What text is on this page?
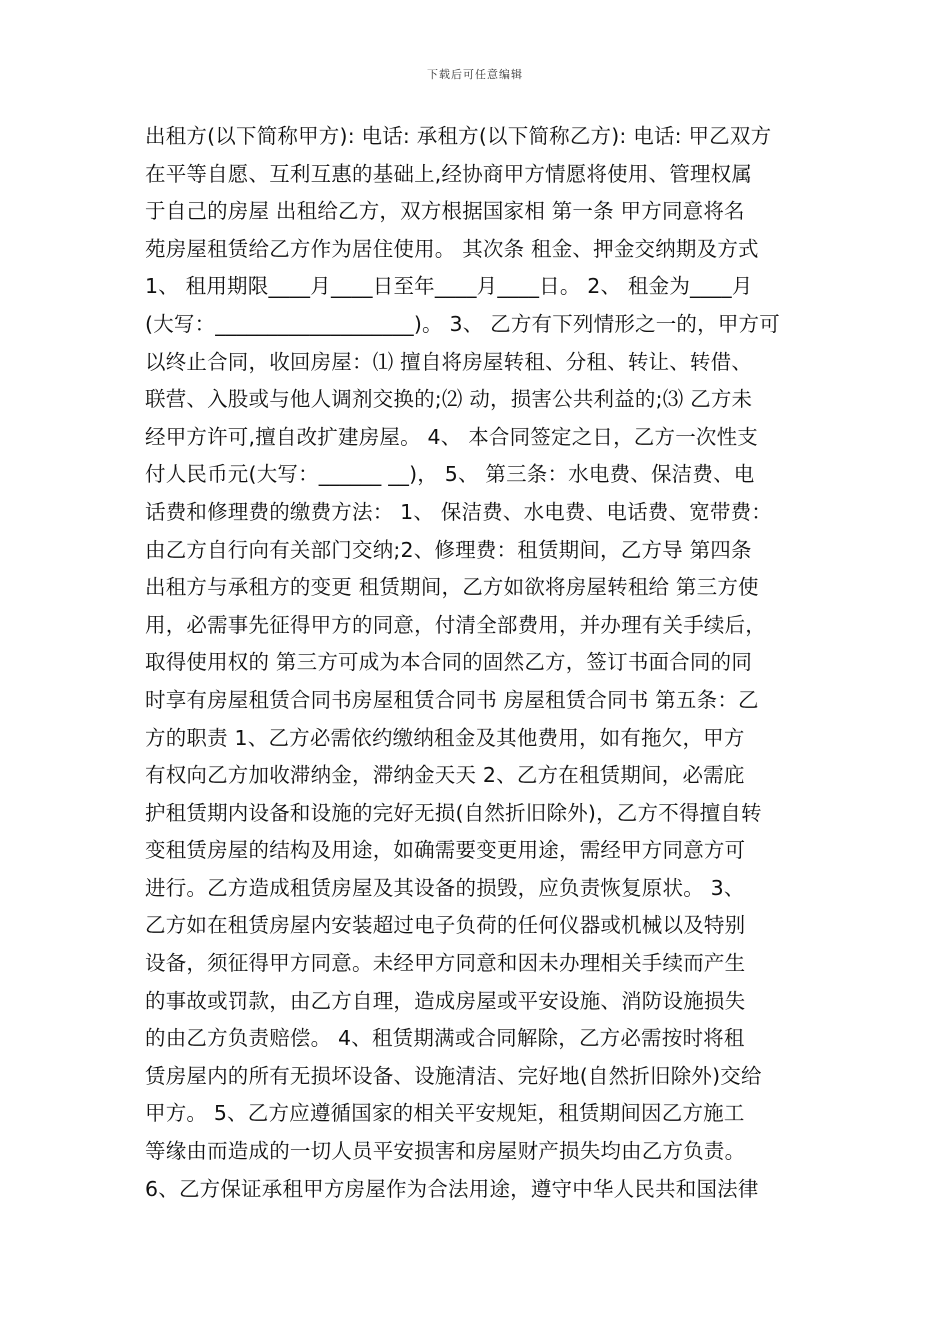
下载后可任意编辑
出租方(以下简称甲方): 电话: 承租方(以下简称乙方): 电话: 甲乙双方
在平等自愿、互利互惠的基础上,经协商甲方情愿将使用、管理权属
于自己的房屋 出租给乙方，双方根据国家相 第一条 甲方同意将名
苑房屋租赁给乙方作为居住使用。 其次条 租金、押金交纳期及方式
1、 租用期限____月____日至年____月____日。 2、 租金为____月
(大写：___________________)。 3、 乙方有下列情形之一的，甲方可
以终止合同，收回房屋：⑴ 擅自将房屋转租、分租、转让、转借、
联营、入股或与他人调剂交换的;⑵ 动，损害公共利益的;⑶ 乙方未
经甲方许可,擅自改扩建房屋。 4、 本合同签定之日，乙方一次性支
付人民币元(大写：______ __)， 5、 第三条：水电费、保洁费、电
话费和修理费的缴费方法： 1、 保洁费、水电费、电话费、宽带费：
由乙方自行向有关部门交纳;2、修理费：租赁期间，乙方导 第四条
出租方与承租方的变更 租赁期间，乙方如欲将房屋转租给 第三方使
用，必需事先征得甲方的同意，付清全部费用，并办理有关手续后，
取得使用权的 第三方可成为本合同的固然乙方，签订书面合同的同
时享有房屋租赁合同书房屋租赁合同书 房屋租赁合同书 第五条：乙
方的职责 1、乙方必需依约缴纳租金及其他费用，如有拖欠，甲方
有权向乙方加收滞纳金，滞纳金天天 2、乙方在租赁期间，必需庇
护租赁期内设备和设施的完好无损(自然折旧除外)，乙方不得擅自转
变租赁房屋的结构及用途，如确需要变更用途，需经甲方同意方可
进行。乙方造成租赁房屋及其设备的损毁，应负责恢复原状。 3、
乙方如在租赁房屋内安装超过电子负荷的任何仪器或机械以及特别
设备，须征得甲方同意。未经甲方同意和因未办理相关手续而产生
的事故或罚款，由乙方自理，造成房屋或平安设施、消防设施损失
的由乙方负责赔偿。 4、租赁期满或合同解除，乙方必需按时将租
赁房屋内的所有无损坏设备、设施清洁、完好地(自然折旧除外)交给
甲方。 5、乙方应遵循国家的相关平安规矩，租赁期间因乙方施工
等缘由而造成的一切人员平安损害和房屋财产损失均由乙方负责。
6、乙方保证承租甲方房屋作为合法用途，遵守中华人民共和国法律
